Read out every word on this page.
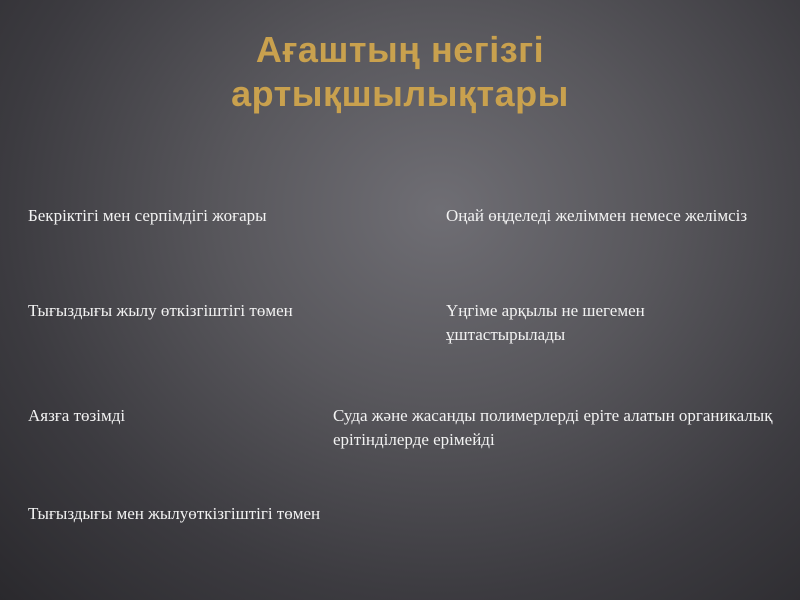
Ағаштың негізгі
артықшылықтары
Бекріктігі мен серпімдігі жоғары
Тығыздығы жылу өткізгіштігі төмен
Аязға төзімді
Тығыздығы мен жылуөткізгіштігі төмен
Оңай өңделеді желіммен немесе желімсіз
Үңгіме арқылы не шегемен ұштастырылады
Суда және жасанды полимерлерді еріте алатын органикалық ерітінділерде ерімейді
